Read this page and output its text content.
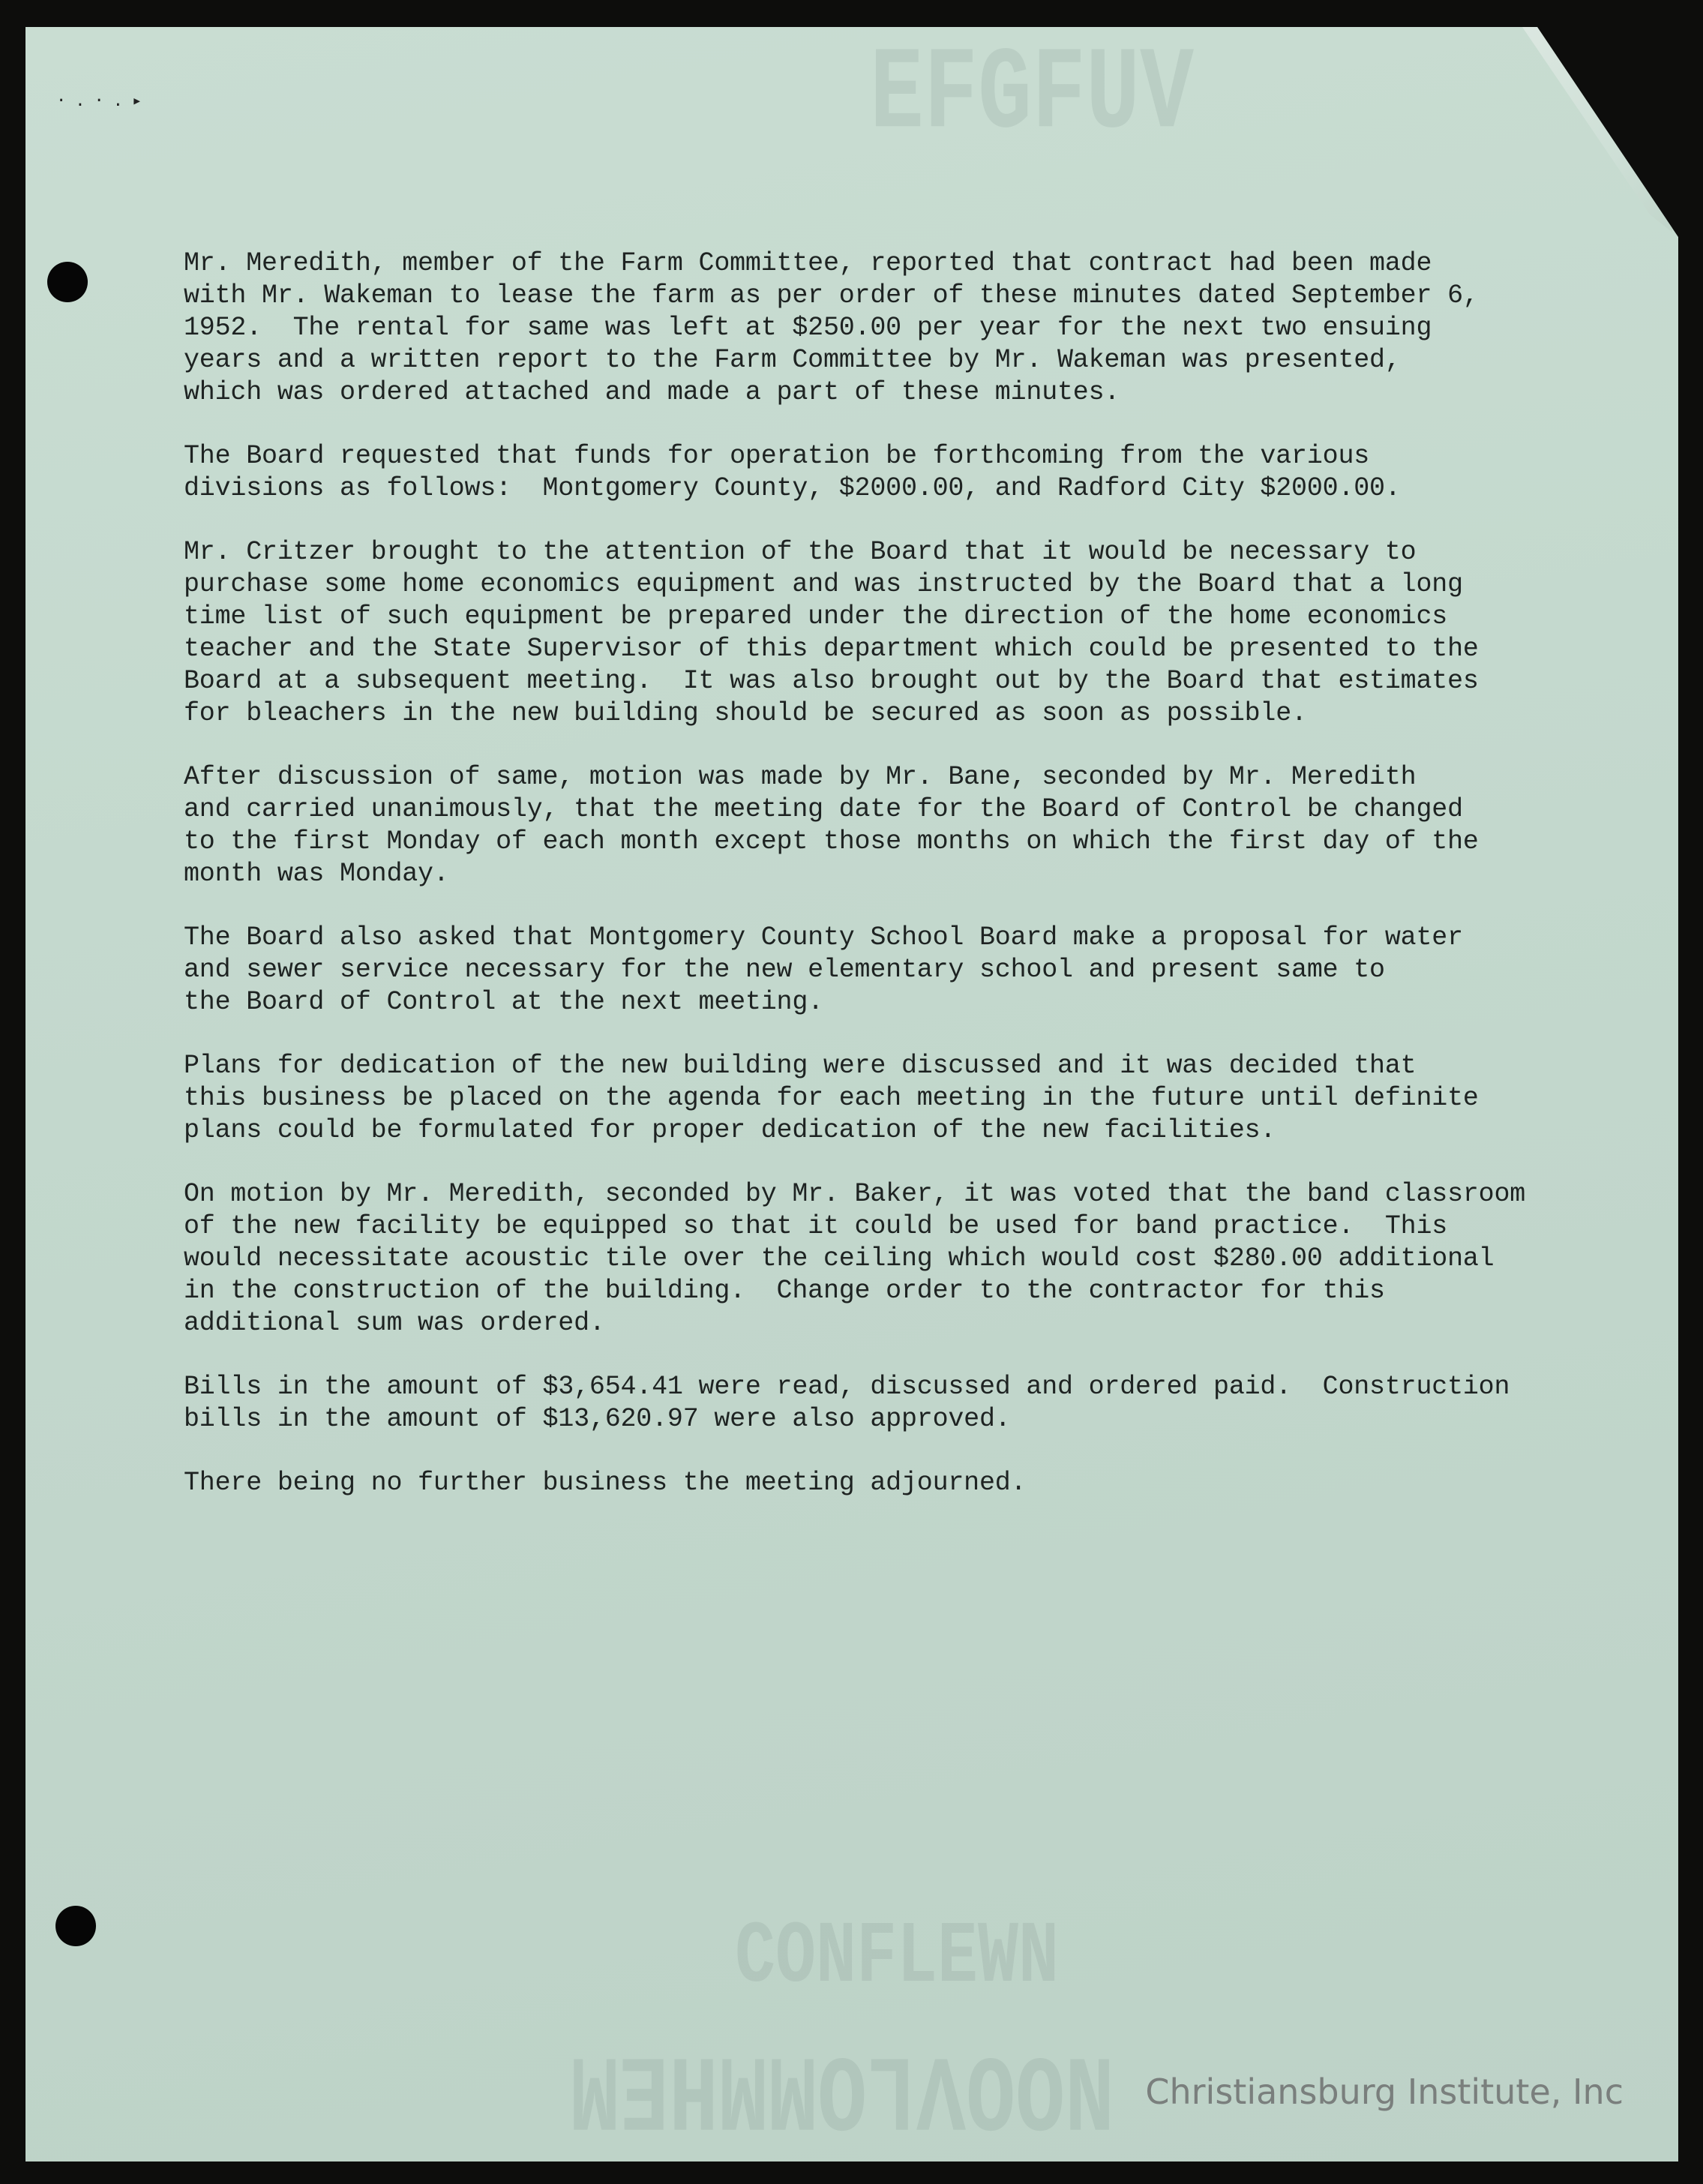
·.·.▸	EFGFUV
CONFLEWN
NOOVLOMMHEM
Mr. Meredith, member of the Farm Committee, reported that contract had been made
with Mr. Wakeman to lease the farm as per order of these minutes dated September 6,
1952.  The rental for same was left at $250.00 per year for the next two ensuing
years and a written report to the Farm Committee by Mr. Wakeman was presented,
which was ordered attached and made a part of these minutes.
The Board requested that funds for operation be forthcoming from the various
divisions as follows:  Montgomery County, $2000.00, and Radford City $2000.00.
Mr. Critzer brought to the attention of the Board that it would be necessary to
purchase some home economics equipment and was instructed by the Board that a long
time list of such equipment be prepared under the direction of the home economics
teacher and the State Supervisor of this department which could be presented to the
Board at a subsequent meeting.  It was also brought out by the Board that estimates
for bleachers in the new building should be secured as soon as possible.
After discussion of same, motion was made by Mr. Bane, seconded by Mr. Meredith
and carried unanimously, that the meeting date for the Board of Control be changed
to the first Monday of each month except those months on which the first day of the
month was Monday.
The Board also asked that Montgomery County School Board make a proposal for water
and sewer service necessary for the new elementary school and present same to
the Board of Control at the next meeting.
Plans for dedication of the new building were discussed and it was decided that
this business be placed on the agenda for each meeting in the future until definite
plans could be formulated for proper dedication of the new facilities.
On motion by Mr. Meredith, seconded by Mr. Baker, it was voted that the band classroom
of the new facility be equipped so that it could be used for band practice.  This
would necessitate acoustic tile over the ceiling which would cost $280.00 additional
in the construction of the building.  Change order to the contractor for this
additional sum was ordered.
Bills in the amount of $3,654.41 were read, discussed and ordered paid.  Construction
bills in the amount of $13,620.97 were also approved.
There being no further business the meeting adjourned.
Christiansburg Institute, Inc
